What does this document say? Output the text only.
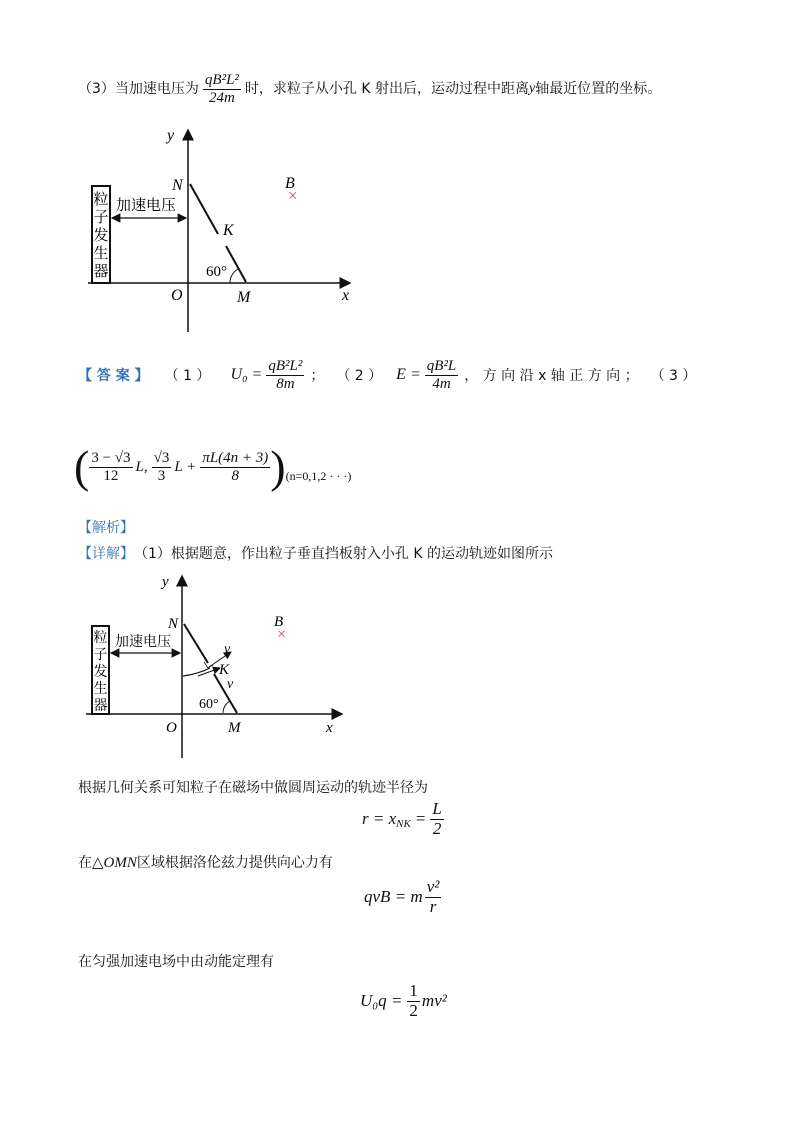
（3）当加速电压为 $\frac{\text{qB²L²}}{24m}$ 时，求粒子从小孔 K 射出后，运动过程中距离 y 轴最近位置的坐标。
粒
子
发
生
器
加速电压
60°
y
x
O	M
N
K
B
×
【 答 案 】 （ 1 ） $U_0 = \frac{\text{qB²L²}}{8m}$ ； （ 2 ） $E = \frac{\text{qB²L}}{4m}$ ， 方 向 沿 x 轴 正 方 向 ； （ 3 ）
( $\frac{3 - √3}{12} L$, $\frac{√3}{3}$ $L + \frac{\pi L(4n + 3)}{8}$ ) (n=0,1,2 · · ·)
【解析】
【详解】 （1）根据题意，作出粒子垂直挡板射入小孔 K 的运动轨迹如图所示
粒
子
发
生
器
加速电压
60°
y
x
O	M
N
K
v
v
B
×
根据几何关系可知粒子在磁场中做圆周运动的轨迹半径为
r = x NK = $\frac{L}{2}$
在 △OMN 区域根据洛伦兹力提供向心力有
qvB = m $\frac{\text{v²}}{r}$
在匀强加速电场中由动能定理有
$U_0q = \frac{1}{2} mv^2$
